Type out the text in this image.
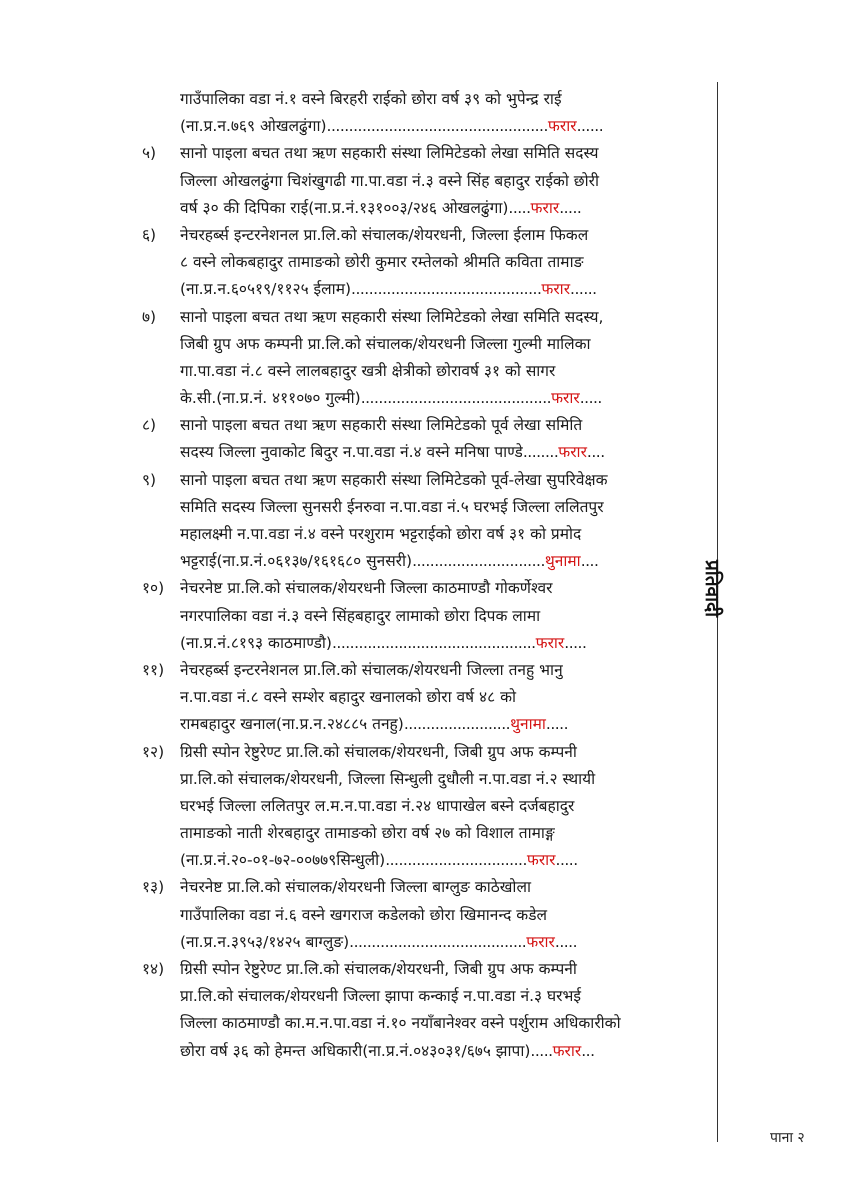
प्रतिवादी
गाउँपालिका वडा नं.१ वस्ने बिरहरी राईको छोरा वर्ष ३९ को भुपेन्द्र राई
(ना.प्र.न.७६९ ओखलढुंगा)..................................................फरार......
५)	सानो पाइला बचत तथा ऋण सहकारी संस्था लिमिटेडको लेखा समिति सदस्य
जिल्ला ओखलढुंगा चिशंखुगढी गा.पा.वडा नं.३ वस्ने सिंह बहादुर राईको छोरी
वर्ष ३० की दिपिका राई(ना.प्र.नं.१३१००३/२४६ ओखलढुंगा).....फरार.....
६)	नेचरहर्ब्स इन्टरनेशनल प्रा.लि.को संचालक/शेयरधनी, जिल्ला ईलाम फिकल
८ वस्ने लोकबहादुर तामाङको छोरी कुमार रम्तेलको श्रीमति कविता तामाङ
(ना.प्र.न.६०५१९/११२५ ईलाम)...........................................फरार......
७)	सानो पाइला बचत तथा ऋण सहकारी संस्था लिमिटेडको लेखा समिति सदस्य,
जिबी ग्रुप अफ कम्पनी प्रा.लि.को संचालक/शेयरधनी जिल्ला गुल्मी मालिका
गा.पा.वडा नं.८ वस्ने लालबहादुर खत्री क्षेत्रीको छोरावर्ष ३१ को सागर
के.सी.(ना.प्र.नं. ४११०७० गुल्मी)...........................................फरार.....
८)	सानो पाइला बचत तथा ऋण सहकारी संस्था लिमिटेडको पूर्व लेखा समिति
सदस्य जिल्ला नुवाकोट बिदुर न.पा.वडा नं.४ वस्ने मनिषा पाण्डे........फरार....
९)	सानो पाइला बचत तथा ऋण सहकारी संस्था लिमिटेडको पूर्व-लेखा सुपरिवेक्षक
समिति सदस्य जिल्ला सुनसरी ईनरुवा न.पा.वडा नं.५ घरभई जिल्ला ललितपुर
महालक्ष्मी न.पा.वडा नं.४ वस्ने परशुराम भट्टराईको छोरा वर्ष ३१ को प्रमोद
भट्टराई(ना.प्र.नं.०६१३७/१६१६८० सुनसरी)..............................थुनामा....
१०)	नेचरनेष्ट प्रा.लि.को संचालक/शेयरधनी जिल्ला काठमाण्डौ गोकर्णेश्वर
नगरपालिका वडा नं.३ वस्ने सिंहबहादुर लामाको छोरा दिपक लामा
(ना.प्र.नं.८१९३ काठमाण्डौ)..............................................फरार.....
११)	नेचरहर्ब्स इन्टरनेशनल प्रा.लि.को संचालक/शेयरधनी जिल्ला तनहु भानु
न.पा.वडा नं.८ वस्ने सम्शेर बहादुर खनालको छोरा वर्ष ४८ को
रामबहादुर खनाल(ना.प्र.न.२४८८५ तनहु)........................थुनामा.....
१२)	ग्रिसी स्पोन रेष्टुरेण्ट प्रा.लि.को संचालक/शेयरधनी, जिबी ग्रुप अफ कम्पनी
प्रा.लि.को संचालक/शेयरधनी, जिल्ला सिन्धुली दुधौली न.पा.वडा नं.२ स्थायी
घरभई जिल्ला ललितपुर ल.म.न.पा.वडा नं.२४ धापाखेल बस्ने दर्जबहादुर
तामाङको नाती शेरबहादुर तामाङको छोरा वर्ष २७ को विशाल तामाङ्ग
(ना.प्र.नं.२०-०१-७२-००७७९सिन्धुली)................................फरार.....
१३)	नेचरनेष्ट प्रा.लि.को संचालक/शेयरधनी जिल्ला बाग्लुङ काठेखोला
गाउँपालिका वडा नं.६ वस्ने खगराज कडेलको छोरा खिमानन्द कडेल
(ना.प्र.न.३९५३/१४२५ बाग्लुङ)........................................फरार.....
१४)	ग्रिसी स्पोन रेष्टुरेण्ट प्रा.लि.को संचालक/शेयरधनी, जिबी ग्रुप अफ कम्पनी
प्रा.लि.को संचालक/शेयरधनी जिल्ला झापा कन्काई न.पा.वडा नं.३ घरभई
जिल्ला काठमाण्डौ का.म.न.पा.वडा नं.१० नयाँबानेश्वर वस्ने पर्शुराम अधिकारीको
छोरा वर्ष ३६ को हेमन्त अधिकारी(ना.प्र.नं.०४३०३१/६७५ झापा).....फरार...
पाना २
